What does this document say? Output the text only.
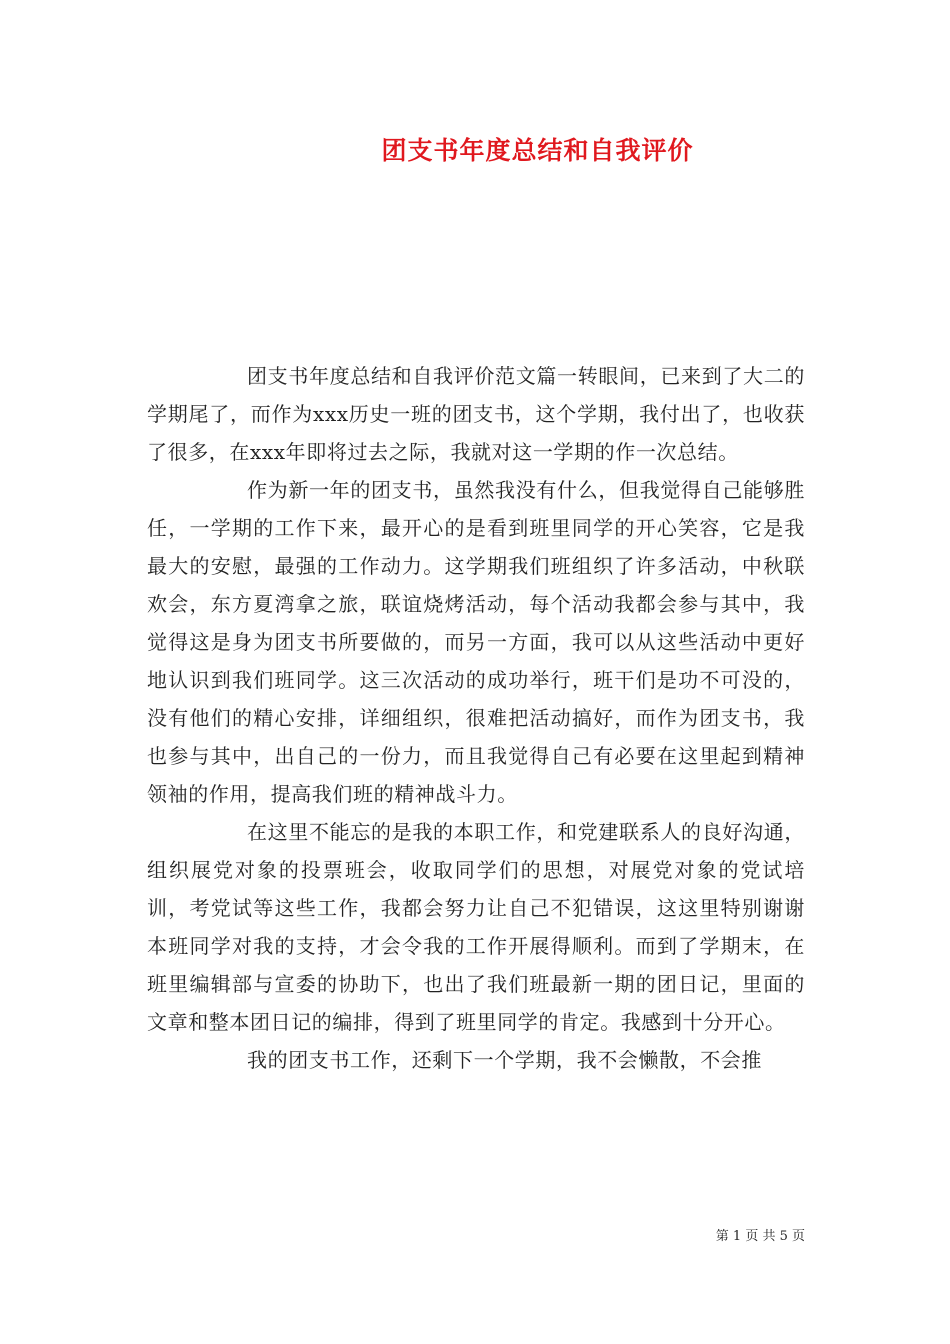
团支书年度总结和自我评价

团支书年度总结和自我评价范文篇一转眼间，已来到了大二的学期尾了，而作为xxx历史一班的团支书，这个学期，我付出了，也收获了很多，在xxx年即将过去之际，我就对这一学期的作一次总结。

作为新一年的团支书，虽然我没有什么，但我觉得自己能够胜任，一学期的工作下来，最开心的是看到班里同学的开心笑容，它是我最大的安慰，最强的工作动力。这学期我们班组织了许多活动，中秋联欢会，东方夏湾拿之旅，联谊烧烤活动，每个活动我都会参与其中，我觉得这是身为团支书所要做的，而另一方面，我可以从这些活动中更好地认识到我们班同学。这三次活动的成功举行，班干们是功不可没的，没有他们的精心安排，详细组织，很难把活动搞好，而作为团支书，我也参与其中，出自己的一份力，而且我觉得自己有必要在这里起到精神领袖的作用，提高我们班的精神战斗力。

在这里不能忘的是我的本职工作，和党建联系人的良好沟通，组织展党对象的投票班会，收取同学们的思想，对展党对象的党试培训，考党试等这些工作，我都会努力让自己不犯错误，这这里特别谢谢本班同学对我的支持，才会令我的工作开展得顺利。而到了学期末，在班里编辑部与宣委的协助下，也出了我们班最新一期的团日记，里面的文章和整本团日记的编排，得到了班里同学的肯定。我感到十分开心。

我的团支书工作，还剩下一个学期，我不会懒散，不会推

第 1 页 共 5 页
